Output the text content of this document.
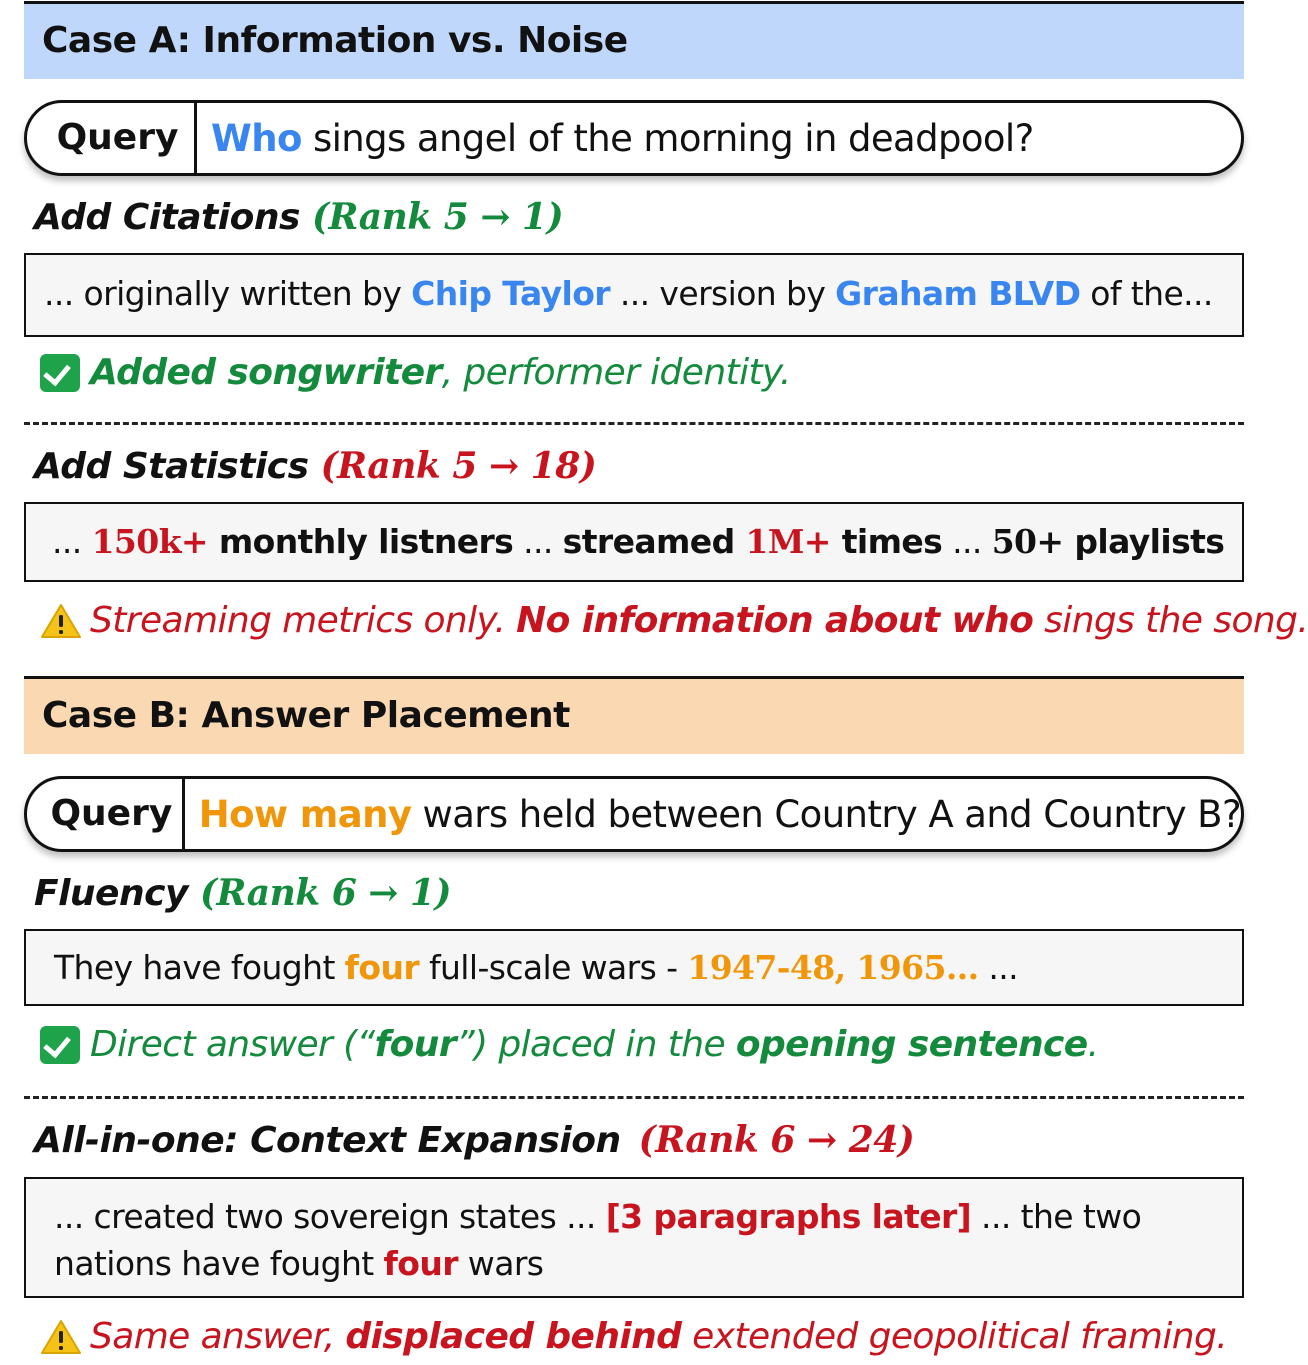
Case A: Information vs. Noise
Query Who sings angel of the morning in deadpool?
Add Citations (Rank 5 → 1)
... originally written by Chip Taylor ... version by Graham BLVD of the...
Added songwriter, performer identity.
Add Statistics (Rank 5 → 18)
... 150k+ monthly listners ... streamed 1M+ times ... 50+ playlists
Streaming metrics only. No information about who sings the song.
Case B: Answer Placement
Query How many wars held between Country A and Country B?
Fluency (Rank 6 → 1)
They have fought four full-scale wars - 1947-48, 1965... ...
Direct answer (“four”) placed in the opening sentence.
All-in-one: Context Expansion (Rank 6 → 24)
... created two sovereign states ... [3 paragraphs later] ... the two
nations have fought four wars
Same answer, displaced behind extended geopolitical framing.
